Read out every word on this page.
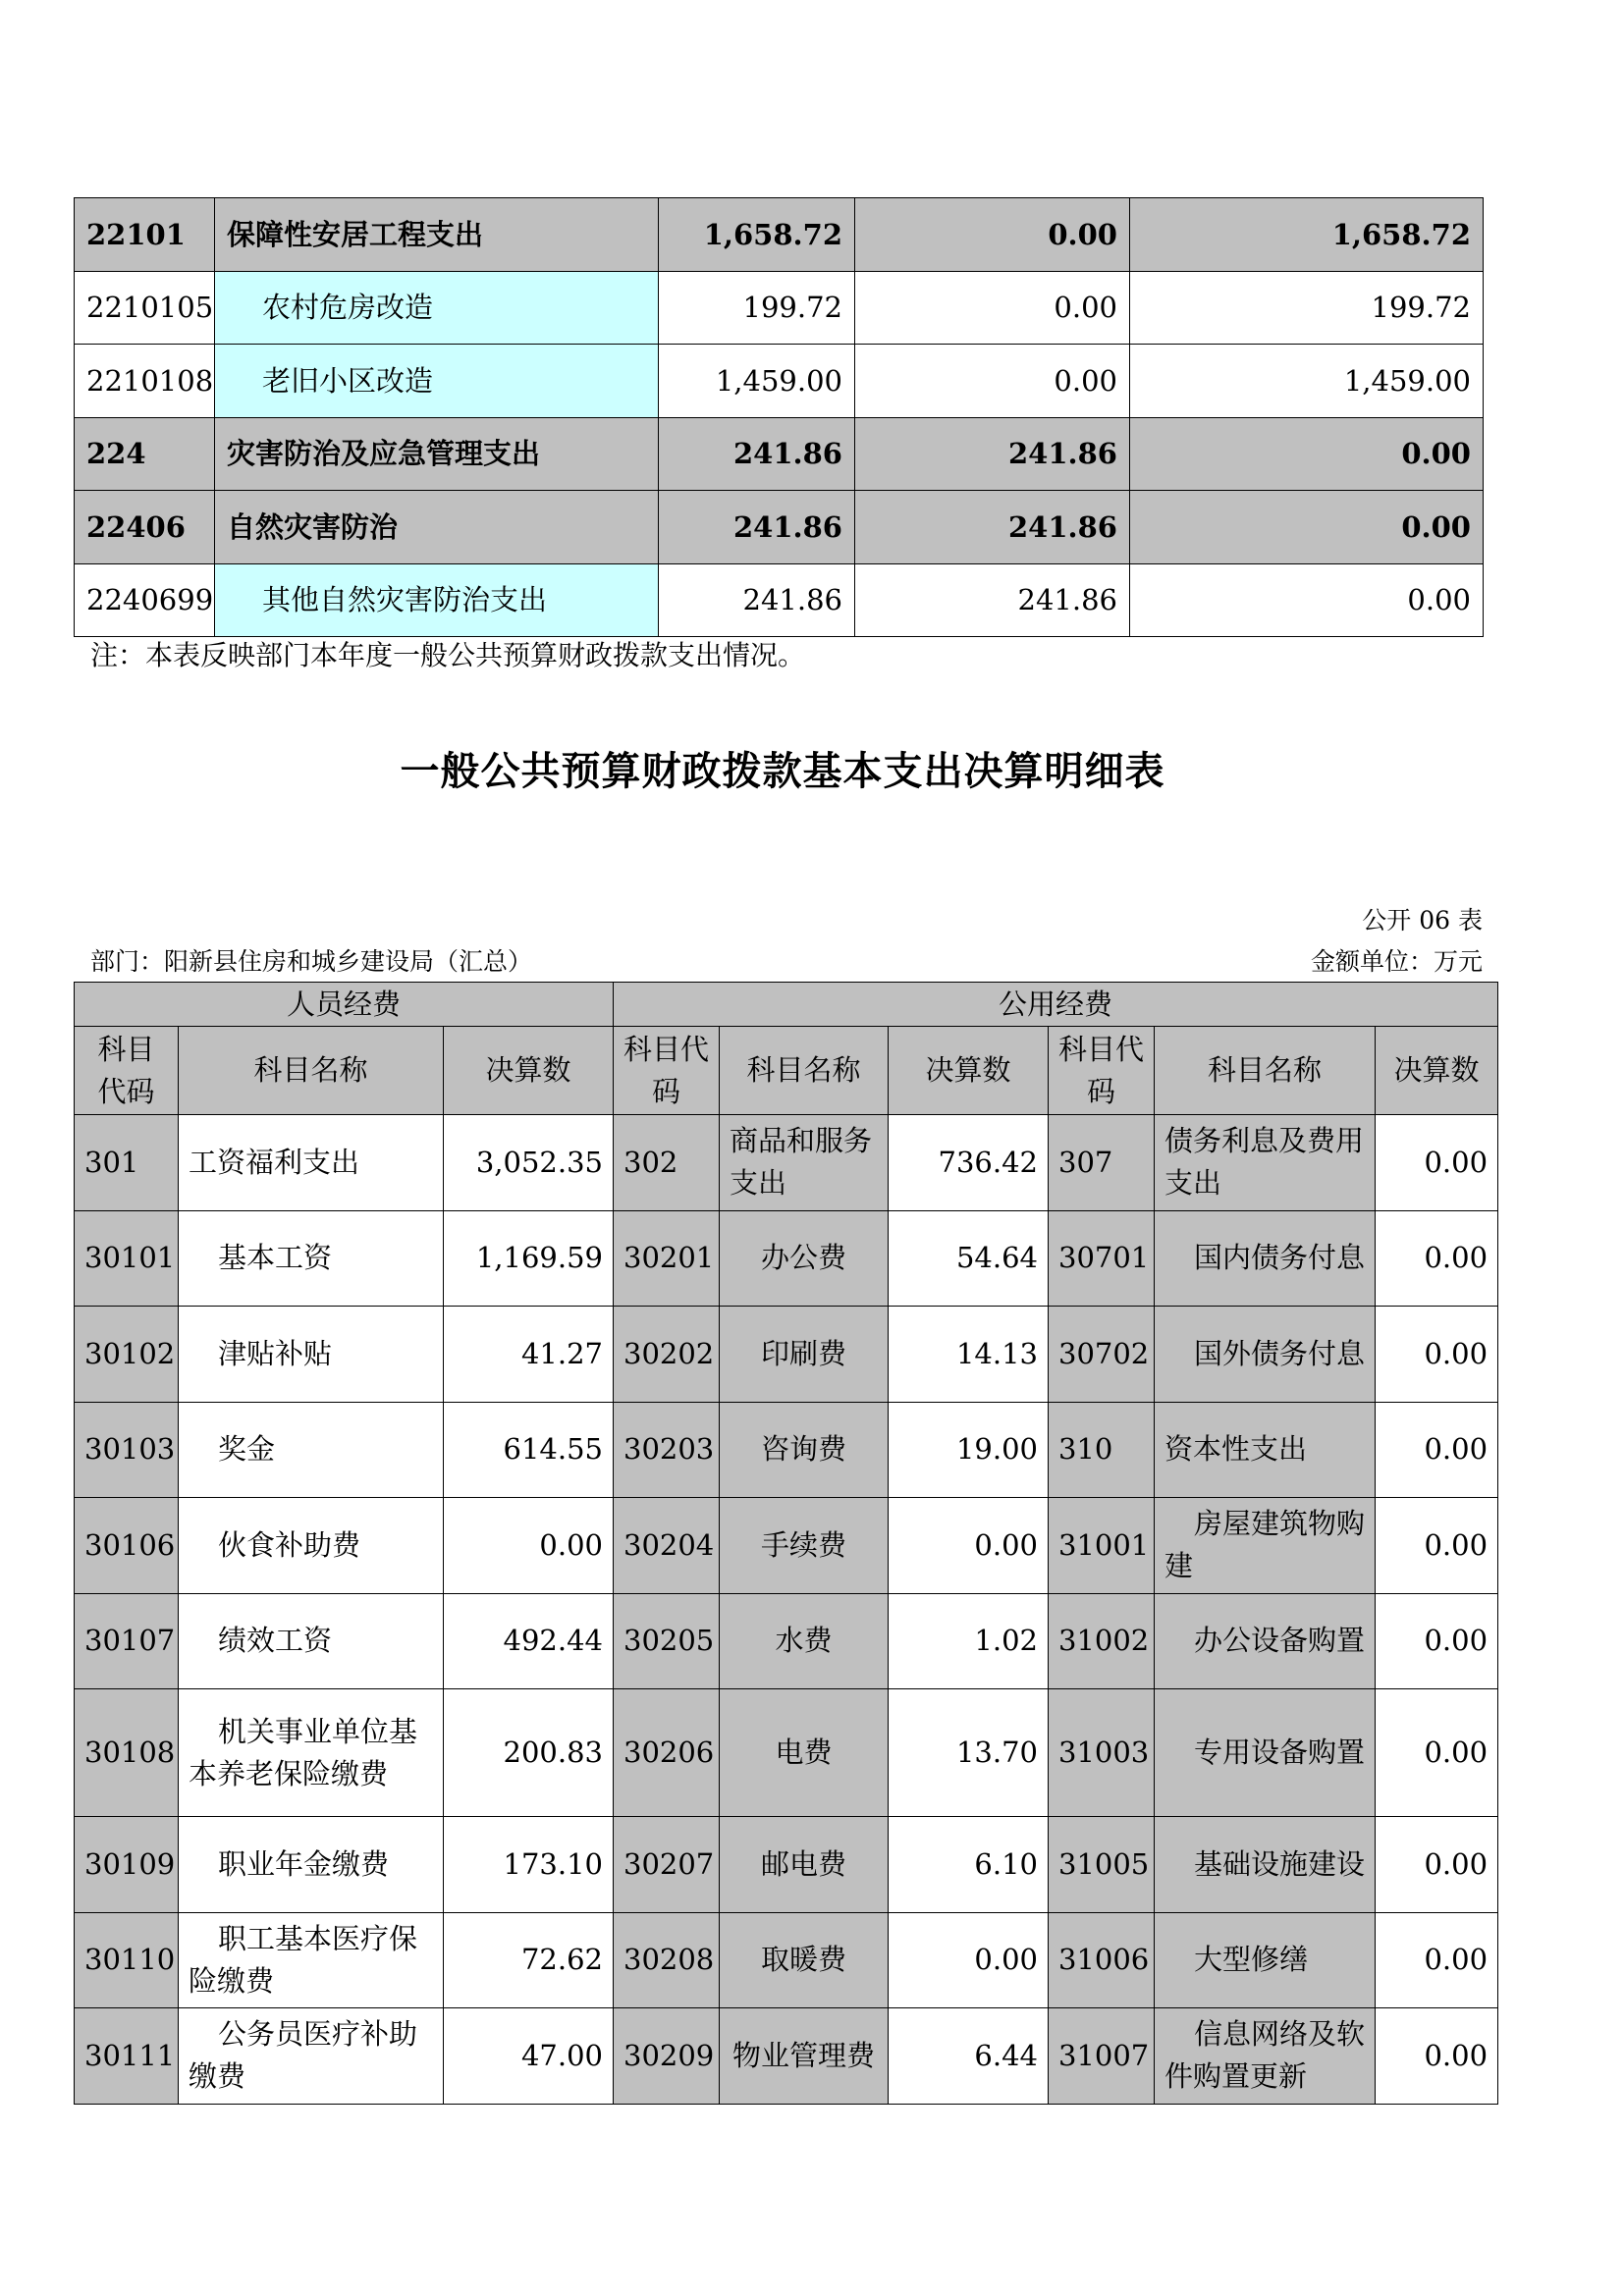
22101	保障性安居工程支出	1,658.72	0.00	1,658.72
2210105	农村危房改造	199.72	0.00	199.72
2210108	老旧小区改造	1,459.00	0.00	1,459.00
224	灾害防治及应急管理支出	241.86	241.86	0.00
22406	自然灾害防治	241.86	241.86	0.00
2240699	其他自然灾害防治支出	241.86	241.86	0.00
注：本表反映部门本年度一般公共预算财政拨款支出情况。
一般公共预算财政拨款基本支出决算明细表
公开 06 表
部门：阳新县住房和城乡建设局（汇总）	金额单位：万元
人员经费			公用经费					
科目代码	科目名称	决算数	科目代码	科目名称	决算数	科目代码	科目名称	决算数
301	工资福利支出	3,052.35	302	商品和服务支出	736.42	307	债务利息及费用支出	0.00
30101	基本工资	1,169.59	30201	办公费	54.64	30701	国内债务付息	0.00
30102	津贴补贴	41.27	30202	印刷费	14.13	30702	国外债务付息	0.00
30103	奖金	614.55	30203	咨询费	19.00	310	资本性支出	0.00
30106	伙食补助费	0.00	30204	手续费	0.00	31001	房屋建筑物购建	0.00
30107	绩效工资	492.44	30205	水费	1.02	31002	办公设备购置	0.00
30108	机关事业单位基本养老保险缴费	200.83	30206	电费	13.70	31003	专用设备购置	0.00
30109	职业年金缴费	173.10	30207	邮电费	6.10	31005	基础设施建设	0.00
30110	职工基本医疗保险缴费	72.62	30208	取暖费	0.00	31006	大型修缮	0.00
30111	公务员医疗补助缴费	47.00	30209	物业管理费	6.44	31007	信息网络及软件购置更新	0.00
